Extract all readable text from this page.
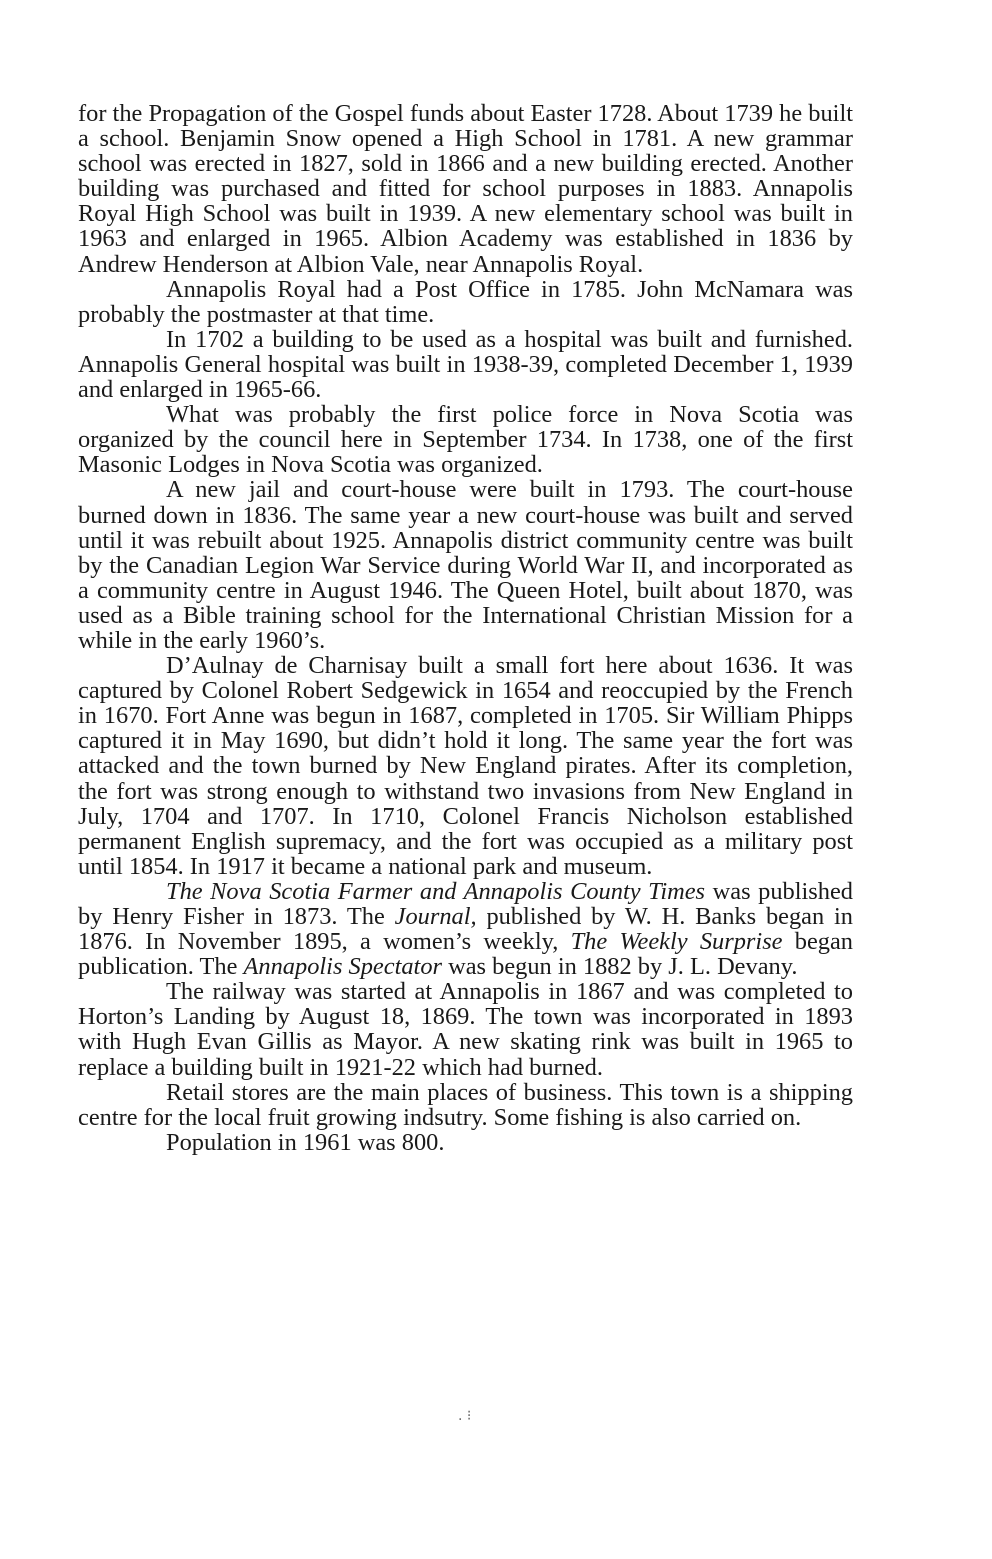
for the Propagation of the Gospel funds about Easter 1728. About 1739 he built a school. Benjamin Snow opened a High School in 1781. A new grammar school was erected in 1827, sold in 1866 and a new building erected. Another building was purchased and fitted for school purposes in 1883. Annapolis Royal High School was built in 1939. A new elementary school was built in 1963 and enlarged in 1965. Albion Academy was established in 1836 by Andrew Henderson at Albion Vale, near Annapolis Royal.

Annapolis Royal had a Post Office in 1785. John McNamara was probably the postmaster at that time.

In 1702 a building to be used as a hospital was built and furnished. Annapolis General hospital was built in 1938-39, completed December 1, 1939 and enlarged in 1965-66.

What was probably the first police force in Nova Scotia was organized by the council here in September 1734. In 1738, one of the first Masonic Lodges in Nova Scotia was organized.

A new jail and court-house were built in 1793. The court-house burned down in 1836. The same year a new court-house was built and served until it was rebuilt about 1925. Annapolis district community centre was built by the Canadian Legion War Service during World War II, and incorporated as a community centre in August 1946. The Queen Hotel, built about 1870, was used as a Bible training school for the International Christian Mission for a while in the early 1960’s.

D’Aulnay de Charnisay built a small fort here about 1636. It was captured by Colonel Robert Sedgewick in 1654 and reoccupied by the French in 1670. Fort Anne was begun in 1687, completed in 1705. Sir William Phipps captured it in May 1690, but didn’t hold it long. The same year the fort was attacked and the town burned by New England pirates. After its completion, the fort was strong enough to withstand two invasions from New England in July, 1704 and 1707. In 1710, Colonel Francis Nicholson established permanent English supremacy, and the fort was occupied as a military post until 1854. In 1917 it became a national park and museum.

The Nova Scotia Farmer and Annapolis County Times was published by Henry Fisher in 1873. The Journal, published by W. H. Banks began in 1876. In November 1895, a women’s weekly, The Weekly Surprise began publication. The Annapolis Spectator was begun in 1882 by J. L. Devany.

The railway was started at Annapolis in 1867 and was completed to Horton’s Landing by August 18, 1869. The town was incorporated in 1893 with Hugh Evan Gillis as Mayor. A new skating rink was built in 1965 to replace a building built in 1921-22 which had burned.

Retail stores are the main places of business. This town is a shipping centre for the local fruit growing indsutry. Some fishing is also carried on.

Population in 1961 was 800.

. ⁝
